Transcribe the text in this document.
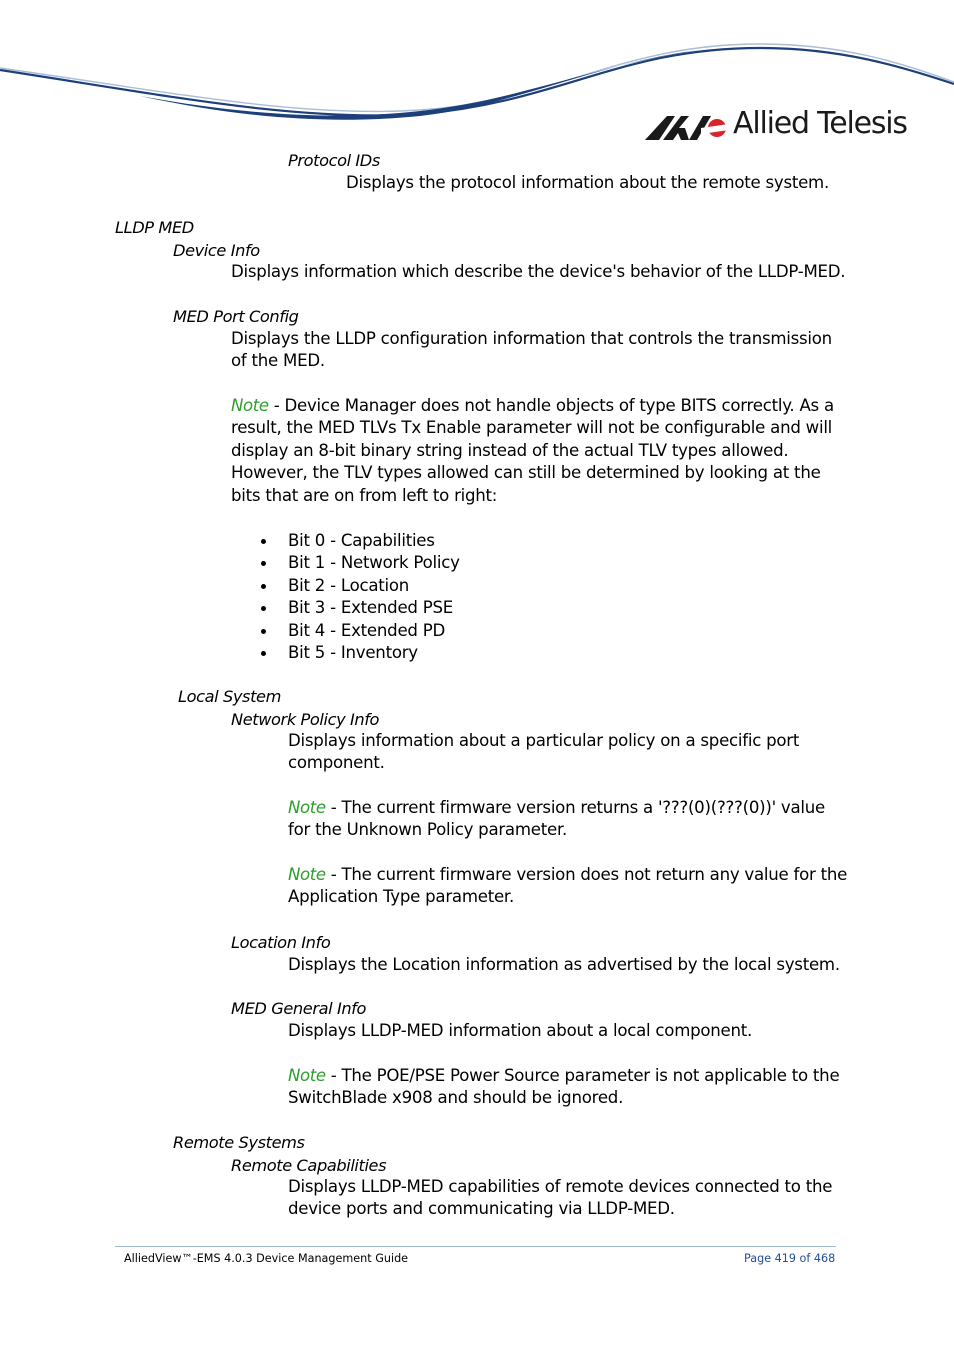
Allied Telesis
Protocol IDs
Displays the protocol information about the remote system.
LLDP MED
Device Info
Displays information which describe the device's behavior of the LLDP-MED.
MED Port Config
Displays the LLDP configuration information that controls the transmission of the MED.
Note - Device Manager does not handle objects of type BITS correctly. As a result, the MED TLVs Tx Enable parameter will not be configurable and will display an 8-bit binary string instead of the actual TLV types allowed. However, the TLV types allowed can still be determined by looking at the bits that are on from left to right:
Bit 0 - Capabilities
Bit 1 - Network Policy
Bit 2 - Location
Bit 3 - Extended PSE
Bit 4 - Extended PD
Bit 5 - Inventory
Local System
Network Policy Info
Displays information about a particular policy on a specific port component.
Note - The current firmware version returns a '???(0)(???(0))' value for the Unknown Policy parameter.
Note - The current firmware version does not return any value for the Application Type parameter.
Location Info
Displays the Location information as advertised by the local system.
MED General Info
Displays LLDP-MED information about a local component.
Note - The POE/PSE Power Source parameter is not applicable to the SwitchBlade x908 and should be ignored.
Remote Systems
Remote Capabilities
Displays LLDP-MED capabilities of remote devices connected to the device ports and communicating via LLDP-MED.
AlliedView™-EMS 4.0.3 Device Management Guide	Page 419 of 468
